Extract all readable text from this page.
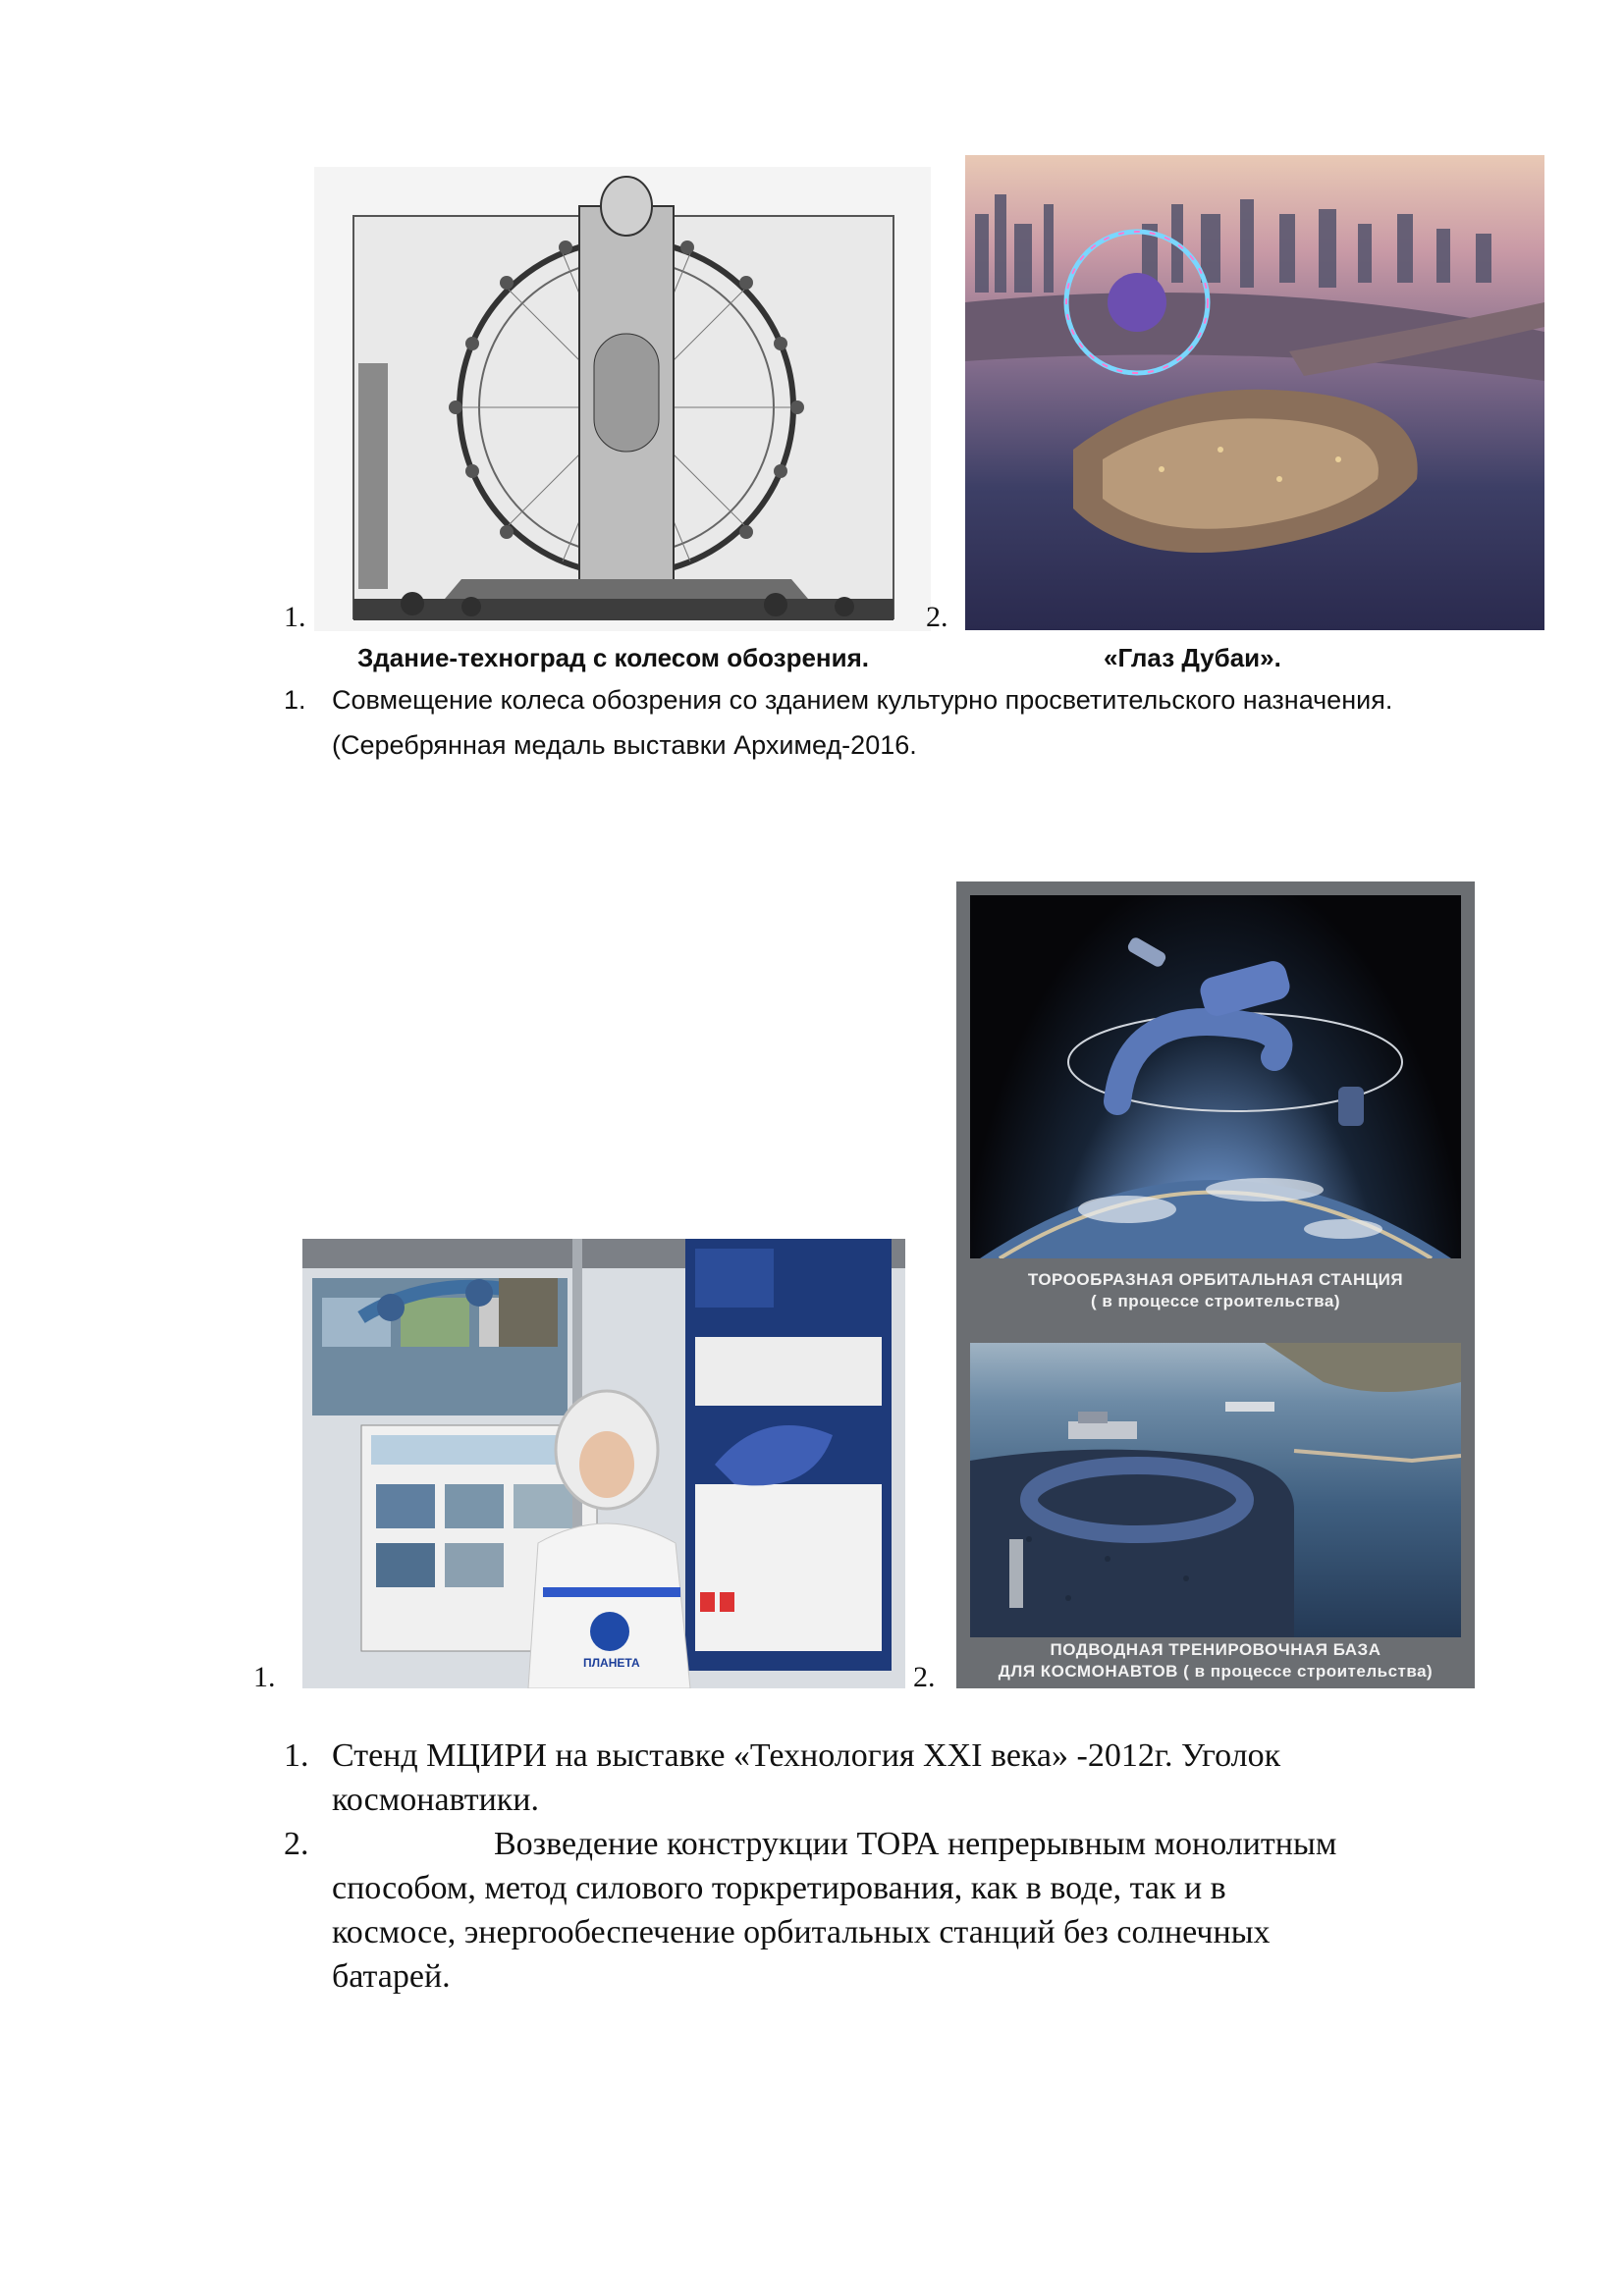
1.	2.
Здание-техноград с колесом обозрения.	«Глаз Дубаи».
1. Совмещение колеса обозрения со зданием культурно просветительского назначения.
(Серебрянная медаль выставки Архимед-2016.
1.	ПЛАНЕТА	2.
ТОРООБРАЗНАЯ ОРБИТАЛЬНАЯ СТАНЦИЯ
( в процессе строительства)
ПОДВОДНАЯ ТРЕНИРОВОЧНАЯ БАЗА
ДЛЯ КОСМОНАВТОВ ( в процессе строительства)
1. Стенд МЦИРИ на выставке «Технология XXI века» -2012г. Уголок
космонавтики.
2.	Возведение конструкции ТОРА непрерывным монолитным
способом, метод силового торкретирования, как в воде, так и в
космосе, энергообеспечение орбитальных станций без солнечных
батарей.
